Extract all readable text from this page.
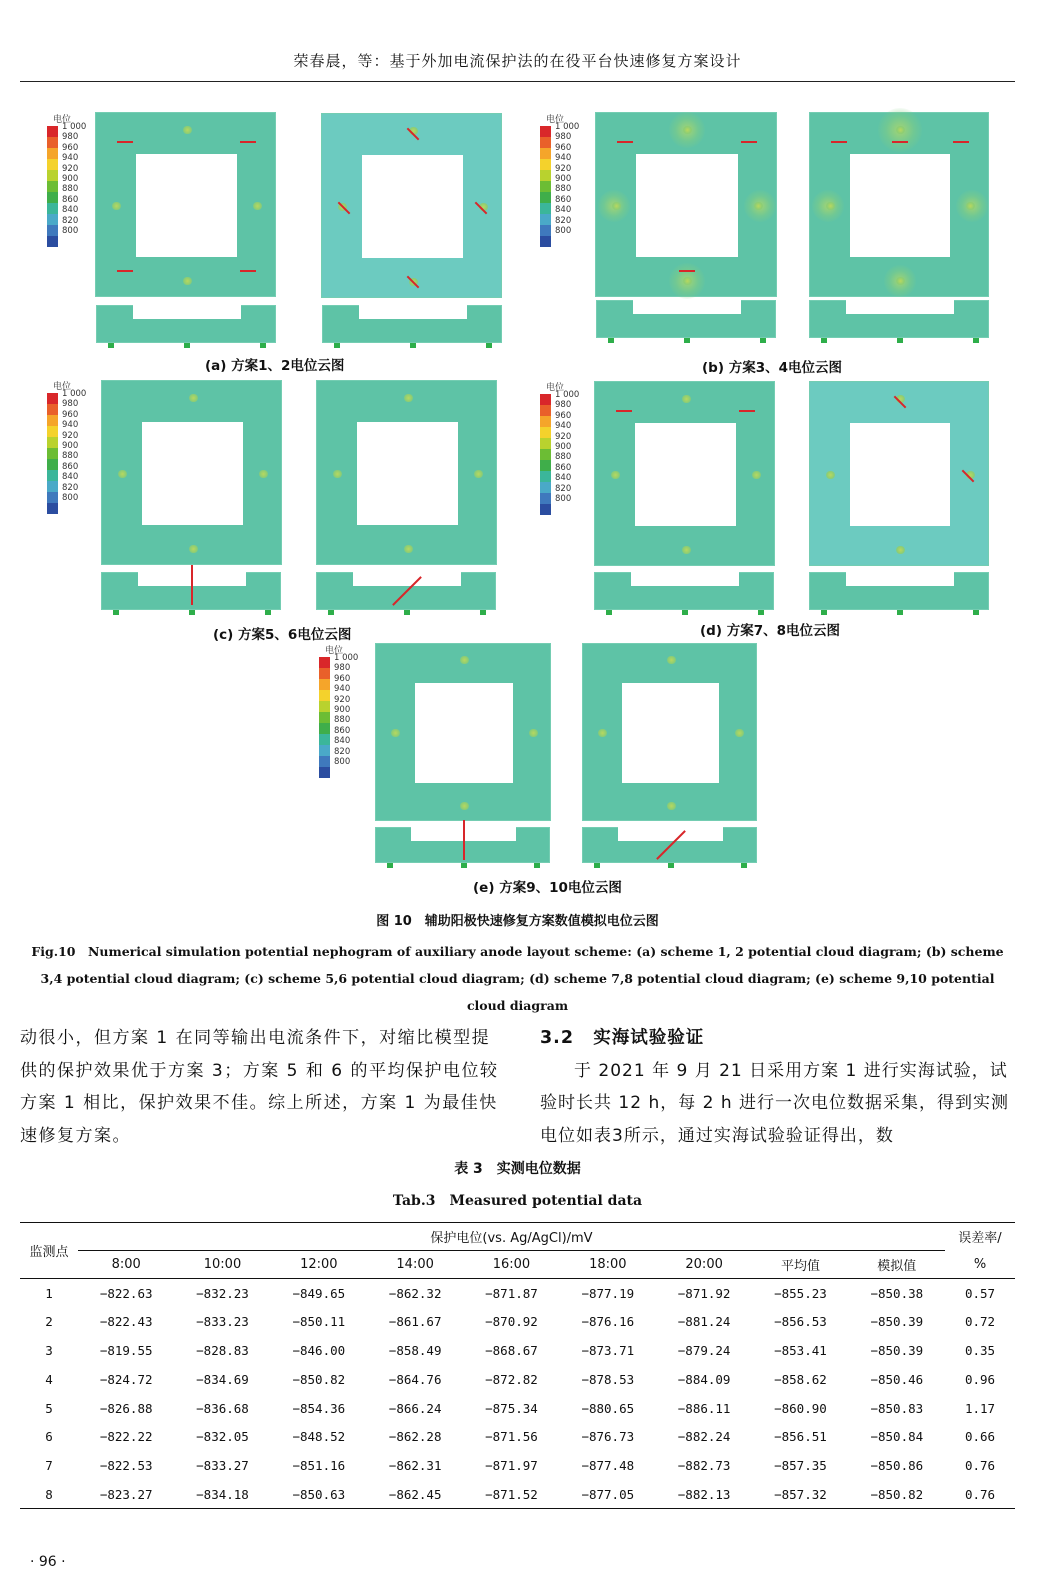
荣春晨，等：基于外加电流保护法的在役平台快速修复方案设计
电位
1 000
980
960
940
920
900
880
860
840
820
800
电位
1 000
980
960
940
920
900
880
860
840
820
800
电位
1 000
980
960
940
920
900
880
860
840
820
800
电位
1 000
980
960
940
920
900
880
860
840
820
800
电位
1 000
980
960
940
920
900
880
860
840
820
800
(a) 方案1、2电位云图	(b) 方案3、4电位云图
(c) 方案5、6电位云图	(d) 方案7、8电位云图
(e) 方案9、10电位云图
图 10　辅助阳极快速修复方案数值模拟电位云图
Fig.10　Numerical simulation potential nephogram of auxiliary anode layout scheme: (a) scheme 1, 2 potential cloud diagram; (b) scheme 3,4 potential cloud diagram; (c) scheme 5,6 potential cloud diagram; (d) scheme 7,8 potential cloud diagram; (e) scheme 9,10 potential cloud diagram
动很小，但方案 1 在同等输出电流条件下，对缩比模型提供的保护效果优于方案 3；方案 5 和 6 的平均保护电位较方案 1 相比，保护效果不佳。综上所述，方案 1 为最佳快速修复方案。
3.2 实海试验验证
于 2021 年 9 月 21 日采用方案 1 进行实海试验，试验时长共 12 h，每 2 h 进行一次电位数据采集，得到实测电位如表3所示，通过实海试验验证得出，数
表 3　实测电位数据
Tab.3　Measured potential data
监测点	保护电位(vs. Ag/AgCl)/mV									误差率/
	8:00	10:00	12:00	14:00	16:00	18:00	20:00	平均值	模拟值	%
1	−822.63	−832.23	−849.65	−862.32	−871.87	−877.19	−871.92	−855.23	−850.38	0.57
2	−822.43	−833.23	−850.11	−861.67	−870.92	−876.16	−881.24	−856.53	−850.39	0.72
3	−819.55	−828.83	−846.00	−858.49	−868.67	−873.71	−879.24	−853.41	−850.39	0.35
4	−824.72	−834.69	−850.82	−864.76	−872.82	−878.53	−884.09	−858.62	−850.46	0.96
5	−826.88	−836.68	−854.36	−866.24	−875.34	−880.65	−886.11	−860.90	−850.83	1.17
6	−822.22	−832.05	−848.52	−862.28	−871.56	−876.73	−882.24	−856.51	−850.84	0.66
7	−822.53	−833.27	−851.16	−862.31	−871.97	−877.48	−882.73	−857.35	−850.86	0.76
8	−823.27	−834.18	−850.63	−862.45	−871.52	−877.05	−882.13	−857.32	−850.82	0.76
· 96 ·
